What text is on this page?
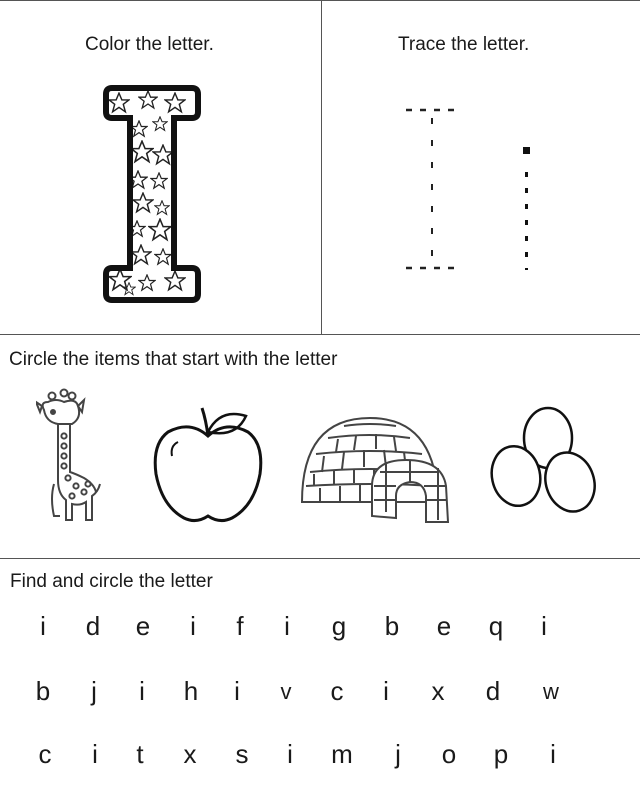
Color the letter.	Trace the letter.
Circle the items that start with the letter
Find and circle the letter
i d e i f i g b e q i
b j i h i v c i x d w
c i t x s i m j o p i
